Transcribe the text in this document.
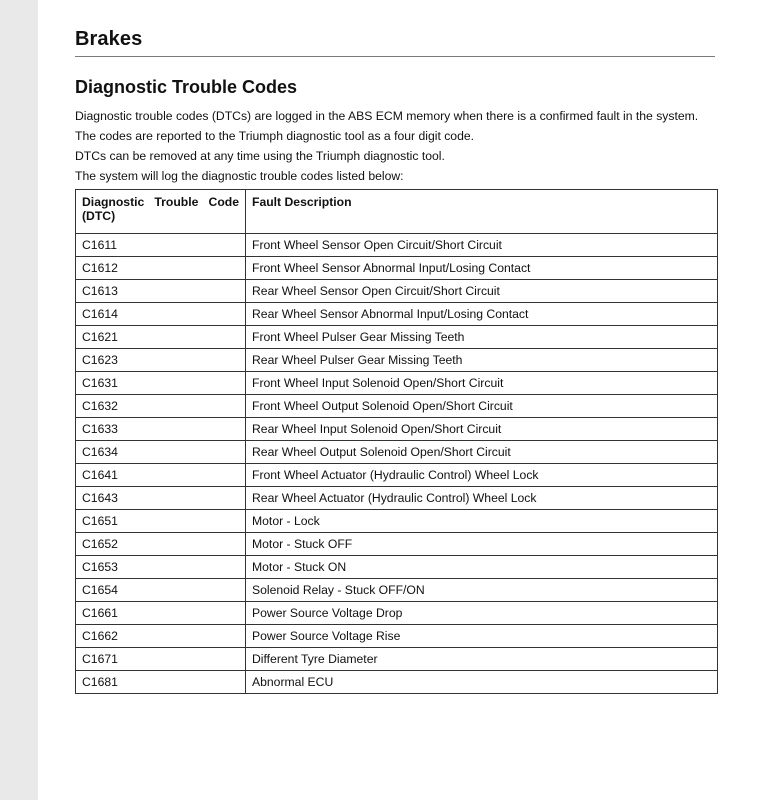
Brakes
Diagnostic Trouble Codes

Diagnostic trouble codes (DTCs) are logged in the ABS ECM memory when there is a confirmed fault in the system.

The codes are reported to the Triumph diagnostic tool as a four digit code.

DTCs can be removed at any time using the Triumph diagnostic tool.

The system will log the diagnostic trouble codes listed below:

Diagnostic Trouble Code (DTC)	Fault Description
C1611	Front Wheel Sensor Open Circuit/Short Circuit
C1612	Front Wheel Sensor Abnormal Input/Losing Contact
C1613	Rear Wheel Sensor Open Circuit/Short Circuit
C1614	Rear Wheel Sensor Abnormal Input/Losing Contact
C1621	Front Wheel Pulser Gear Missing Teeth
C1623	Rear Wheel Pulser Gear Missing Teeth
C1631	Front Wheel Input Solenoid Open/Short Circuit
C1632	Front Wheel Output Solenoid Open/Short Circuit
C1633	Rear Wheel Input Solenoid Open/Short Circuit
C1634	Rear Wheel Output Solenoid Open/Short Circuit
C1641	Front Wheel Actuator (Hydraulic Control) Wheel Lock
C1643	Rear Wheel Actuator (Hydraulic Control) Wheel Lock
C1651	Motor - Lock
C1652	Motor - Stuck OFF
C1653	Motor - Stuck ON
C1654	Solenoid Relay - Stuck OFF/ON
C1661	Power Source Voltage Drop
C1662	Power Source Voltage Rise
C1671	Different Tyre Diameter
C1681	Abnormal ECU
